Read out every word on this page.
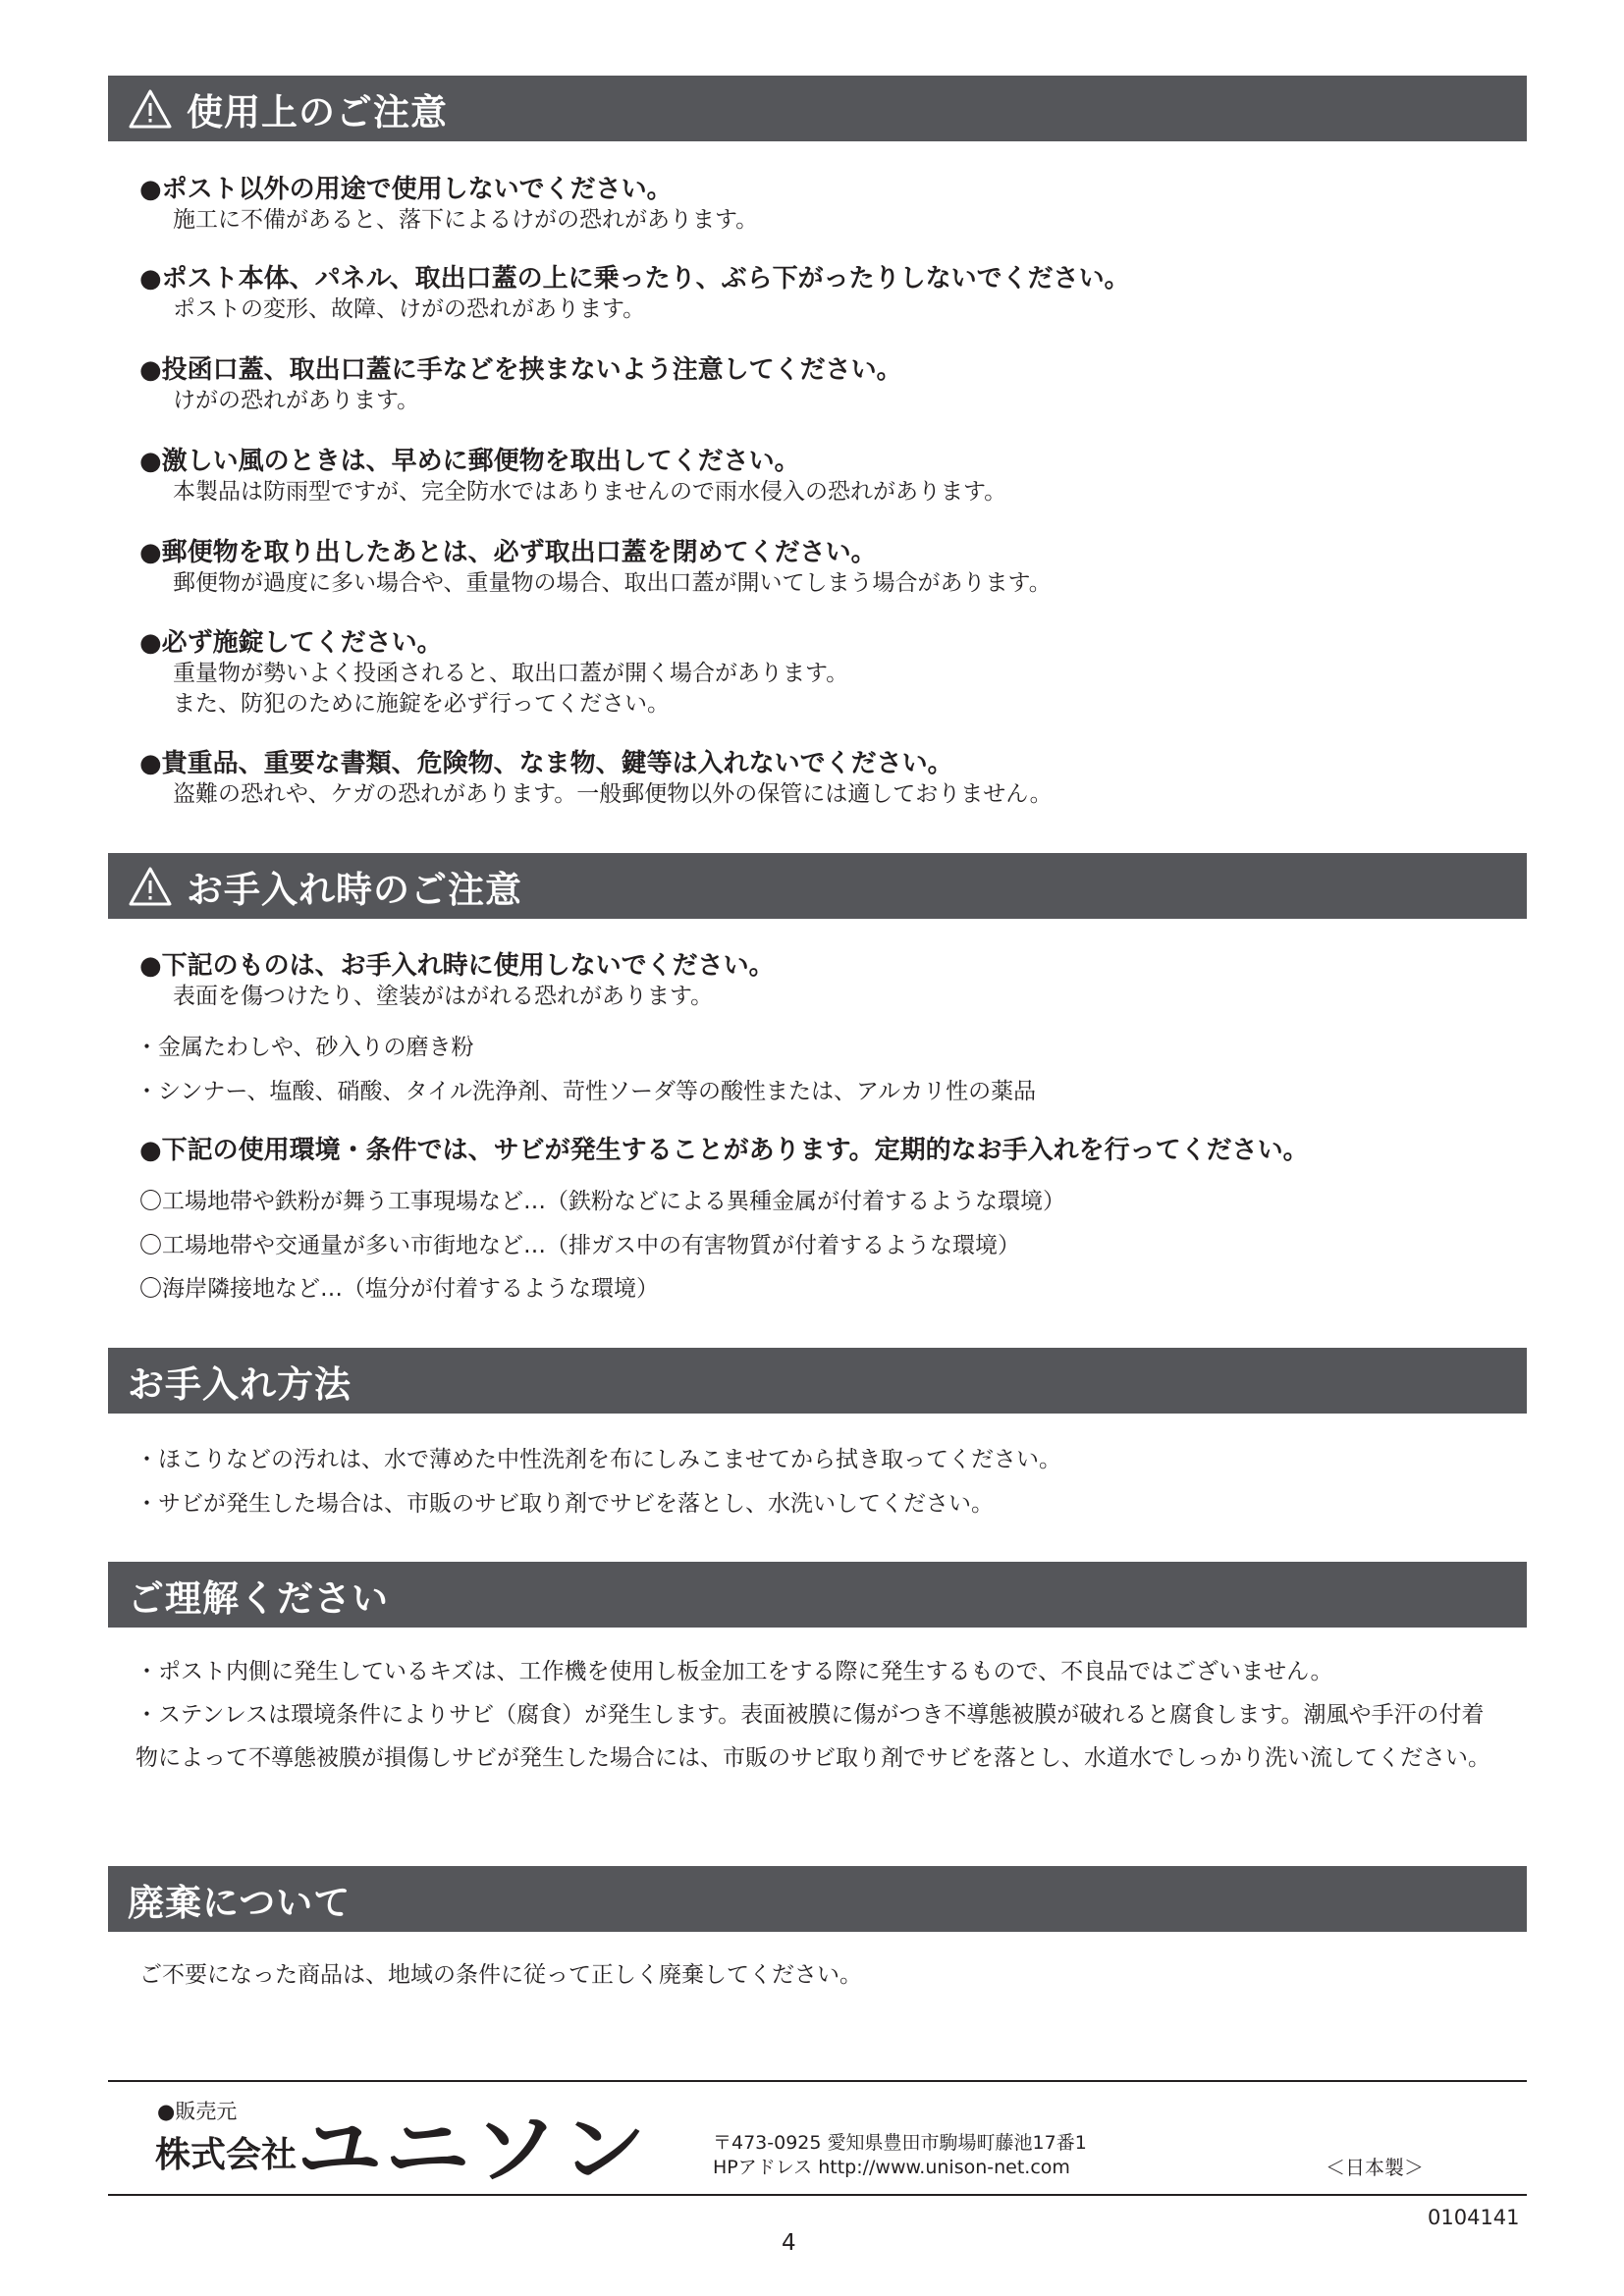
使用上のご注意
●ポスト以外の用途で使用しないでください。
施工に不備があると、落下によるけがの恐れがあります。
●ポスト本体、パネル、取出口蓋の上に乗ったり、ぶら下がったりしないでください。
ポストの変形、故障、けがの恐れがあります。
●投函口蓋、取出口蓋に手などを挟まないよう注意してください。
けがの恐れがあります。
●激しい風のときは、早めに郵便物を取出してください。
本製品は防雨型ですが、完全防水ではありませんので雨水侵入の恐れがあります。
●郵便物を取り出したあとは、必ず取出口蓋を閉めてください。
郵便物が過度に多い場合や、重量物の場合、取出口蓋が開いてしまう場合があります。
●必ず施錠してください。
重量物が勢いよく投函されると、取出口蓋が開く場合があります。
また、防犯のために施錠を必ず行ってください。
●貴重品、重要な書類、危険物、なま物、鍵等は入れないでください。
盗難の恐れや、ケガの恐れがあります。一般郵便物以外の保管には適しておりません。
お手入れ時のご注意
●下記のものは、お手入れ時に使用しないでください。
表面を傷つけたり、塗装がはがれる恐れがあります。
・金属たわしや、砂入りの磨き粉
・シンナー、塩酸、硝酸、タイル洗浄剤、苛性ソーダ等の酸性または、アルカリ性の薬品
●下記の使用環境・条件では、サビが発生することがあります。定期的なお手入れを行ってください。
〇工場地帯や鉄粉が舞う工事現場など…（鉄粉などによる異種金属が付着するような環境）
〇工場地帯や交通量が多い市街地など…（排ガス中の有害物質が付着するような環境）
〇海岸隣接地など…（塩分が付着するような環境）
お手入れ方法
・ほこりなどの汚れは、水で薄めた中性洗剤を布にしみこませてから拭き取ってください。
・サビが発生した場合は、市販のサビ取り剤でサビを落とし、水洗いしてください。
ご理解ください
・ポスト内側に発生しているキズは、工作機を使用し板金加工をする際に発生するもので、不良品ではございません。
・ステンレスは環境条件によりサビ（腐食）が発生します。表面被膜に傷がつき不導態被膜が破れると腐食します。潮風や手汗の付着物によって不導態被膜が損傷しサビが発生した場合には、市販のサビ取り剤でサビを落とし、水道水でしっかり洗い流してください。
廃棄について
ご不要になった商品は、地域の条件に従って正しく廃棄してください。
●販売元
株式会社 ユニソン	〒473-0925 愛知県豊田市駒場町藤池17番1
HPアドレス http://www.unison-net.com	＜日本製＞
0104141
4
